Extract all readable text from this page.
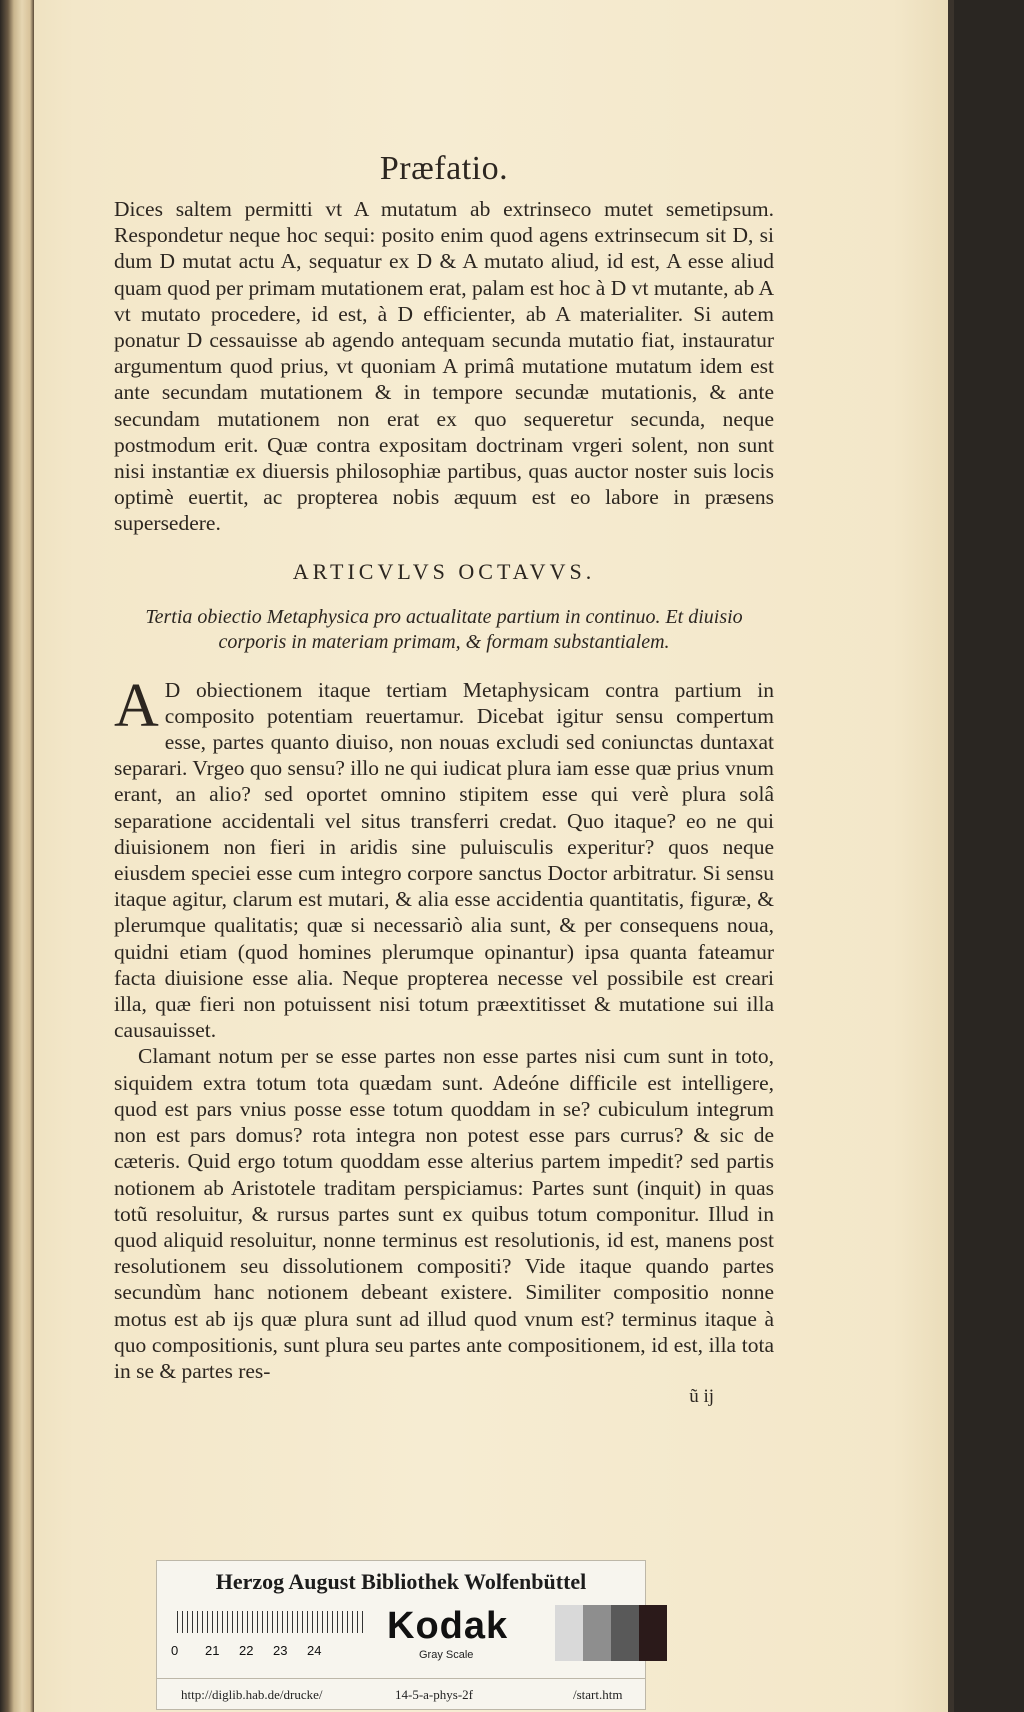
Præfatio.

Dices saltem permitti vt A mutatum ab extrinseco mutet semetipsum. Respondetur neque hoc sequi: posito enim quod agens extrinsecum sit D, si dum D mutat actu A, sequatur ex D & A mutato aliud, id est, A esse aliud quam quod per primam mutationem erat, palam est hoc à D vt mutante, ab A vt mutato procedere, id est, à D efficienter, ab A materialiter. Si autem ponatur D cessauisse ab agendo antequam secunda mutatio fiat, instauratur argumentum quod prius, vt quoniam A primâ mutatione mutatum idem est ante secundam mutationem & in tempore secundæ mutationis, & ante secundam mutationem non erat ex quo sequeretur secunda, neque postmodum erit. Quæ contra expositam doctrinam vrgeri solent, non sunt nisi instantiæ ex diuersis philosophiæ partibus, quas auctor noster suis locis optimè euertit, ac propterea nobis æquum est eo labore in præsens supersedere.

ARTICVLVS OCTAVVS.
Tertia obiectio Metaphysica pro actualitate partium in continuo. Et diuisio corporis in materiam primam, & formam substantialem.
A D obiectionem itaque tertiam Metaphysicam contra partium in composito potentiam reuertamur. Dicebat igitur sensu compertum esse, partes quanto diuiso, non nouas excludi sed coniunctas duntaxat separari. Vrgeo quo sensu? illo ne qui iudicat plura iam esse quæ prius vnum erant, an alio? sed oportet omnino stipitem esse qui verè plura solâ separatione accidentali vel situs transferri credat. Quo itaque? eo ne qui diuisionem non fieri in aridis sine puluisculis experitur? quos neque eiusdem speciei esse cum integro corpore sanctus Doctor arbitratur. Si sensu itaque agitur, clarum est mutari, & alia esse accidentia quantitatis, figuræ, & plerumque qualitatis; quæ si necessariò alia sunt, & per consequens noua, quidni etiam (quod homines plerumque opinantur) ipsa quanta fateamur facta diuisione esse alia. Neque propterea necesse vel possibile est creari illa, quæ fieri non potuissent nisi totum præextitisset & mutatione sui illa causauisset.

Clamant notum per se esse partes non esse partes nisi cum sunt in toto, siquidem extra totum tota quædam sunt. Adeóne difficile est intelligere, quod est pars vnius posse esse totum quoddam in se? cubiculum integrum non est pars domus? rota integra non potest esse pars currus? & sic de cæteris. Quid ergo totum quoddam esse alterius partem impedit? sed partis notionem ab Aristotele traditam perspiciamus: Partes sunt (inquit) in quas totũ resoluitur, & rursus partes sunt ex quibus totum componitur. Illud in quod aliquid resoluitur, nonne terminus est resolutionis, id est, manens post resolutionem seu dissolutionem compositi? Vide itaque quando partes secundùm hanc notionem debeant existere. Similiter compositio nonne motus est ab ijs quæ plura sunt ad illud quod vnum est? terminus itaque à quo compositionis, sunt plura seu partes ante compositionem, id est, illa tota in se & partes res-

ũ ij
Herzog August Bibliothek Wolfenbüttel
0 21 22 23 24
Kodak
Gray Scale
http://diglib.hab.de/drucke/	14-5-a-phys-2f	/start.htm
